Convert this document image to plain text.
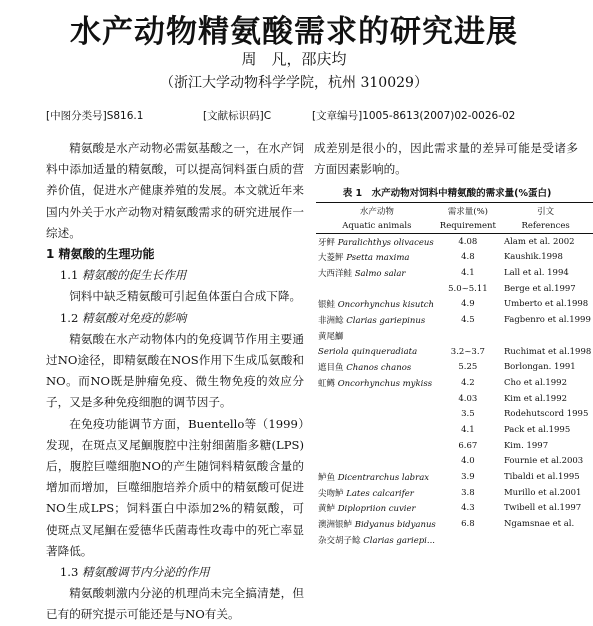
水产动物精氨酸需求的研究进展
周　凡，邵庆均
（浙江大学动物科学学院，杭州 310029）
[中图分类号]S816.1	[文献标识码]C	[文章编号]1005-8613(2007)02-0026-02

精氨酸是水产动物必需氨基酸之一，在水产饲料中添加适量的精氨酸，可以提高饲料蛋白质的营养价值，促进水产健康养殖的发展。本文就近年来国内外关于水产动物对精氨酸需求的研究进展作一综述。

1 精氨酸的生理功能

1.1 精氨酸的促生长作用

饲料中缺乏精氨酸可引起鱼体蛋白合成下降。

1.2 精氨酸对免疫的影响

精氨酸在水产动物体内的免疫调节作用主要通过NO途径，即精氨酸在NOS作用下生成瓜氨酸和NO。而NO既是肿瘤免疫、微生物免疫的效应分子，又是多种免疫细胞的调节因子。

在免疫功能调节方面，Buentello等（1999）发现，在斑点叉尾鮰腹腔中注射细菌脂多糖(LPS)后，腹腔巨噬细胞NO的产生随饲料精氨酸含量的增加而增加，巨噬细胞培养介质中的精氨酸可促进NO生成LPS；饲料蛋白中添加2%的精氨酸，可使斑点叉尾鮰在爱德华氏菌毒性攻毒中的死亡率显著降低。

1.3 精氨酸调节内分泌的作用

精氨酸刺激内分泌的机理尚未完全搞清楚，但已有的研究提示可能还是与NO有关。

成差别是很小的，因此需求量的差异可能是受诸多方面因素影响的。
表 1　水产动物对饲料中精氨酸的需求量(%蛋白)
水产动物	需求量(%)	引文
Aquatic animals	Requirement	References
牙鲆 Paralichthys olivaceus	4.08	Alam et al. 2002
大菱鲆 Psetta maxima	4.8	Kaushik.1998
大西洋鲑 Salmo salar	4.1	Lall et al. 1994
	5.0~5.11	Berge et al.1997
银鲑 Oncorhynchus kisutch	4.9	Umberto et al.1998
非洲鲶 Clarias gariepinus	4.5	Fagbenro et al.1999
黄尾鰤		
Seriola quinqueradiata	3.2~3.7	Ruchimat et al.1998
遮目鱼 Chanos chanos	5.25	Borlongan. 1991
虹鳟 Oncorhynchus mykiss	4.2	Cho et al.1992
	4.03	Kim et al.1992
	3.5	Rodehutscord 1995
	4.1	Pack et al.1995
	6.67	Kim. 1997
	4.0	Fournie et al.2003
鲈鱼 Dicentrarchus labrax	3.9	Tibaldi et al.1995
尖吻鲈 Lates calcarifer	3.8	Murillo et al.2001
黄鲈 Diplopriion cuvier	4.3	Twibell et al.1997
澳洲银鲈 Bidyanus bidyanus	6.8	Ngamsnae et al.
杂交胡子鲶 Clarias gariepi...		
